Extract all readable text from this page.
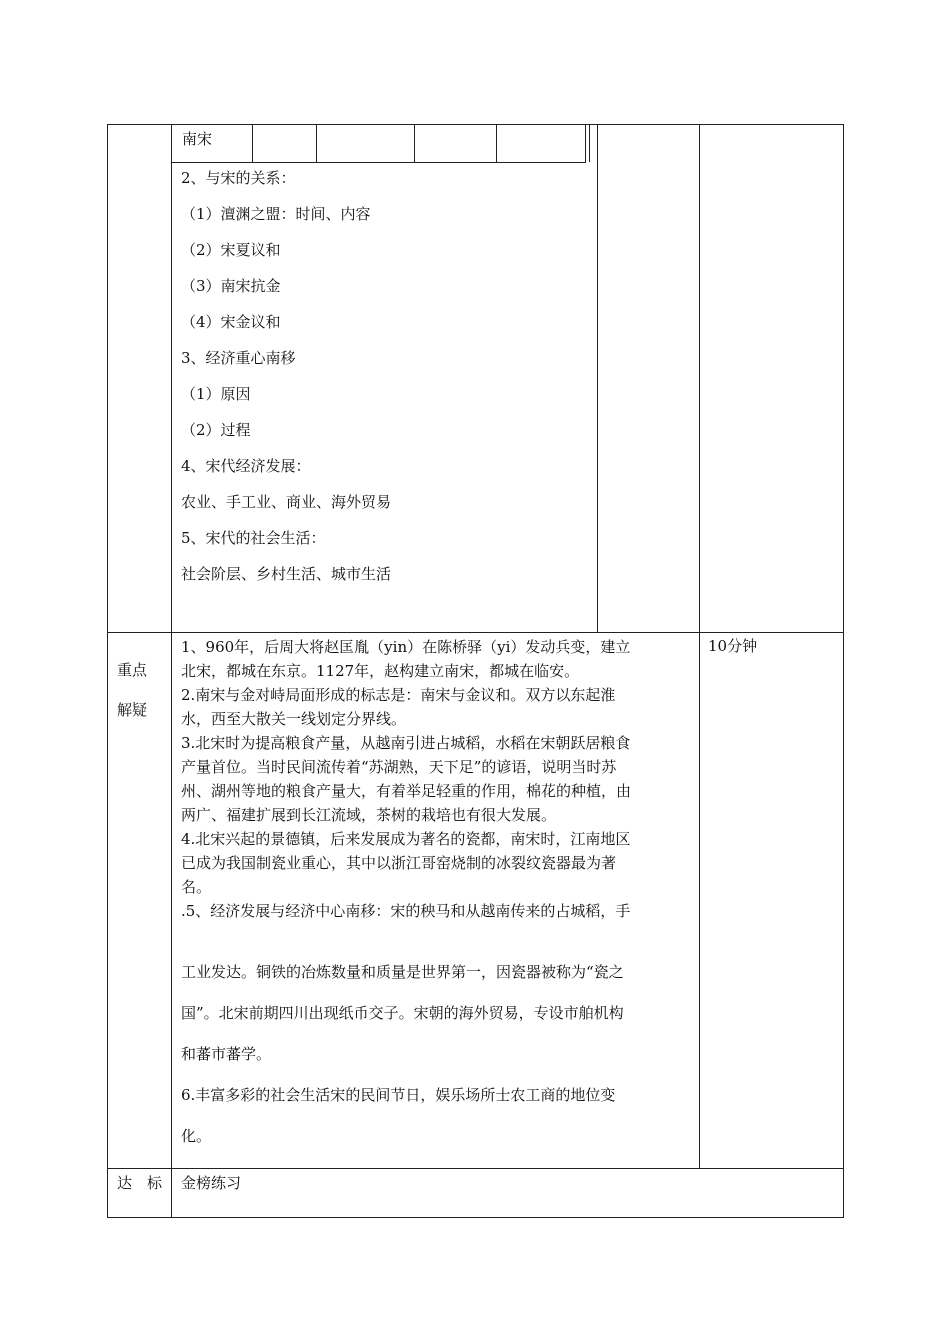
南宋
2、与宋的关系：
（1）澶渊之盟：时间、内容
（2）宋夏议和
（3）南宋抗金
（4）宋金议和
3、经济重心南移
（1）原因
（2）过程
4、宋代经济发展：
农业、手工业、商业、海外贸易
5、宋代的社会生活：
社会阶层、乡村生活、城市生活
重点
解疑
10分钟
1、960年，后周大将赵匡胤（yin）在陈桥驿（yi）发动兵变，建立
北宋，都城在东京。1127年，赵构建立南宋，都城在临安。
2.南宋与金对峙局面形成的标志是：南宋与金议和。双方以东起淮
水，西至大散关一线划定分界线。
3.北宋时为提高粮食产量，从越南引进占城稻，水稻在宋朝跃居粮食
产量首位。当时民间流传着“苏湖熟，天下足”的谚语，说明当时苏
州、湖州等地的粮食产量大，有着举足轻重的作用，棉花的种植，由
两广、福建扩展到长江流域，茶树的栽培也有很大发展。
4.北宋兴起的景德镇，后来发展成为著名的瓷都，南宋时，江南地区
已成为我国制瓷业重心，其中以浙江哥窑烧制的冰裂纹瓷器最为著
名。
.5、经济发展与经济中心南移：宋的秧马和从越南传来的占城稻，手
工业发达。铜铁的冶炼数量和质量是世界第一，因瓷器被称为“瓷之
国”。北宋前期四川出现纸币交子。宋朝的海外贸易，专设市舶机构
和蕃市蕃学。
6.丰富多彩的社会生活宋的民间节日，娱乐场所士农工商的地位变
化。
达　标 金榜练习
